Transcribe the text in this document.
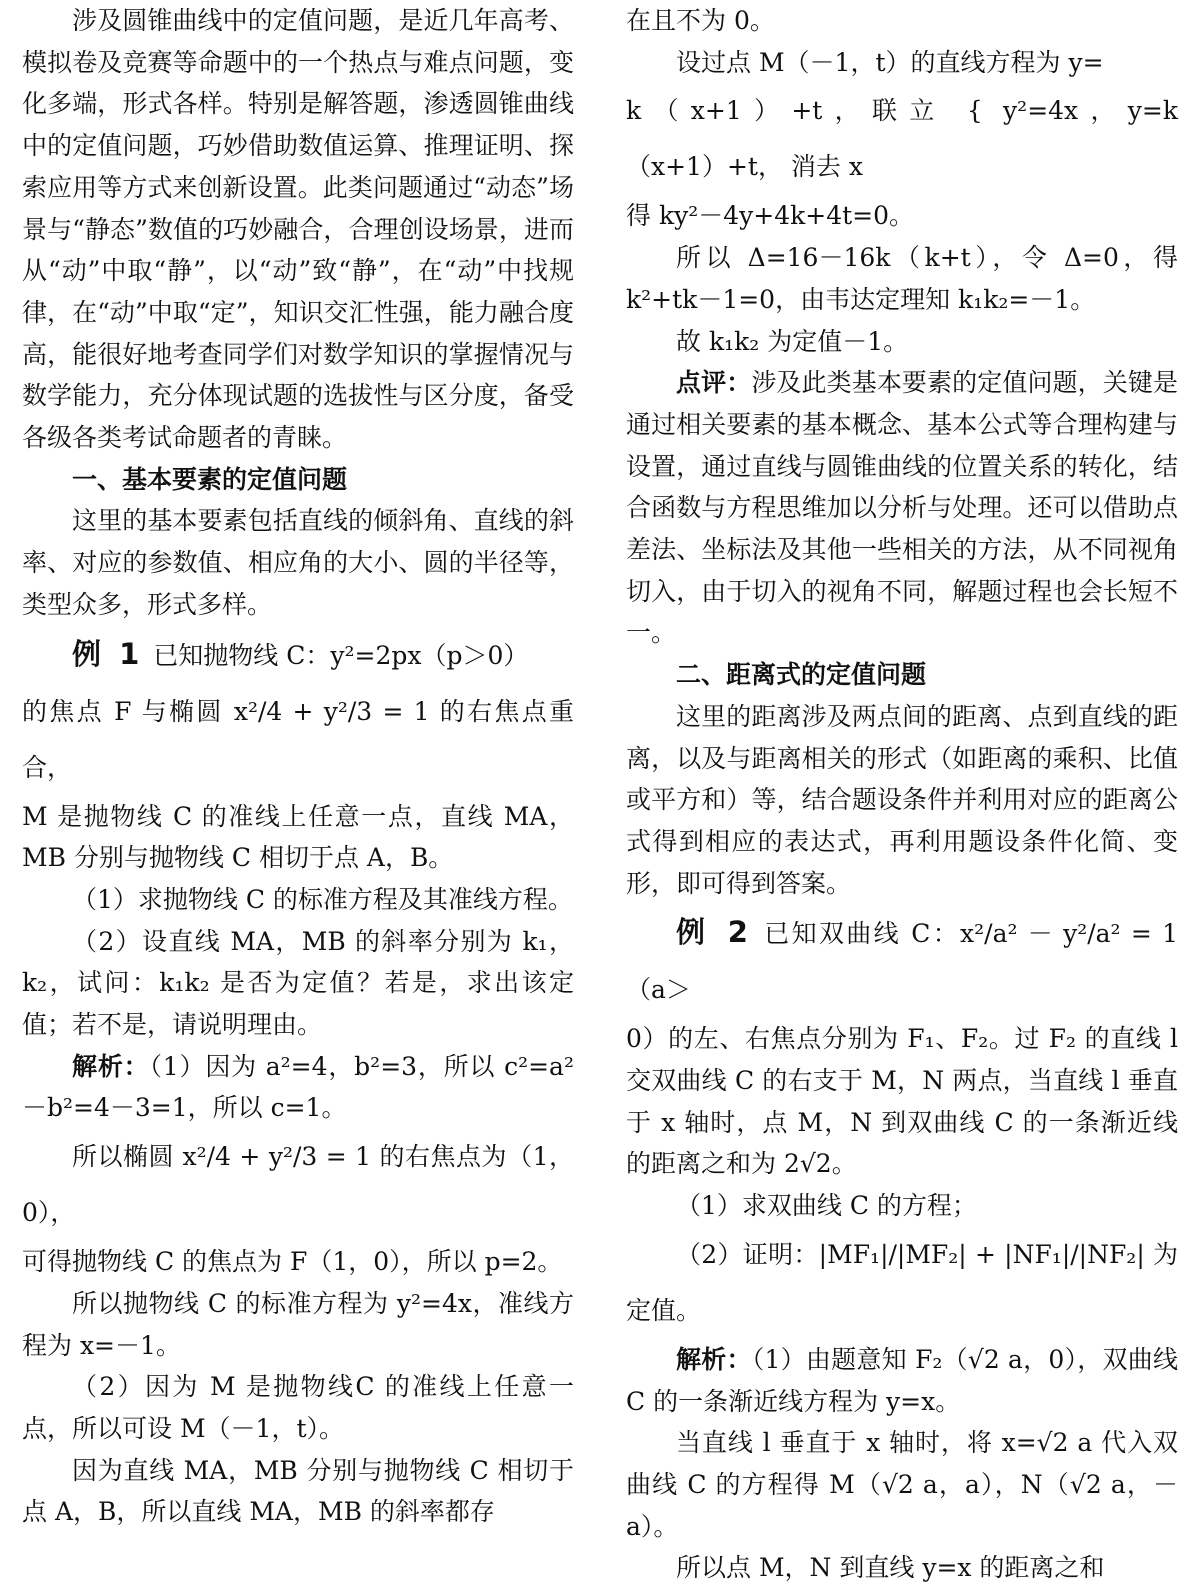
涉及圆锥曲线中的定值问题，是近几年高考、模拟卷及竞赛等命题中的一个热点与难点问题，变化多端，形式各样。特别是解答题，渗透圆锥曲线中的定值问题，巧妙借助数值运算、推理证明、探索应用等方式来创新设置。此类问题通过“动态”场景与“静态”数值的巧妙融合，合理创设场景，进而从“动”中取“静”，以“动”致“静”，在“动”中找规律，在“动”中取“定”，知识交汇性强，能力融合度高，能很好地考查同学们对数学知识的掌握情况与数学能力，充分体现试题的选拔性与区分度，备受各级各类考试命题者的青睐。

一、基本要素的定值问题

这里的基本要素包括直线的倾斜角、直线的斜率、对应的参数值、相应角的大小、圆的半径等，类型众多，形式多样。

例 1 已知抛物线 C：y²=2px（p＞0）

的焦点 F 与椭圆 x²/4 + y²/3 = 1 的右焦点重合，

M 是抛物线 C 的准线上任意一点，直线 MA，MB 分别与抛物线 C 相切于点 A，B。

（1）求抛物线 C 的标准方程及其准线方程。

（2）设直线 MA，MB 的斜率分别为 k₁，k₂，试问：k₁k₂ 是否为定值？若是，求出该定值；若不是，请说明理由。

解析：（1）因为 a²=4，b²=3，所以 c²=a²－b²=4－3=1，所以 c=1。

所以椭圆 x²/4 + y²/3 = 1 的右焦点为（1，0），

可得抛物线 C 的焦点为 F（1，0），所以 p=2。

所以抛物线 C 的标准方程为 y²=4x，准线方程为 x=－1。

（2）因为 M 是抛物线C 的准线上任意一点，所以可设 M（－1，t）。

因为直线 MA，MB 分别与抛物线 C 相切于点 A，B，所以直线 MA，MB 的斜率都存

在且不为 0。

设过点 M（－1，t）的直线方程为 y=

k（x+1）+t，联立 { y²=4x，y=k（x+1）+t， 消去 x

得 ky²－4y+4k+4t=0。

所以 Δ=16－16k（k+t），令 Δ=0，得 k²+tk－1=0，由韦达定理知 k₁k₂=－1。

故 k₁k₂ 为定值－1。

点评：涉及此类基本要素的定值问题，关键是通过相关要素的基本概念、基本公式等合理构建与设置，通过直线与圆锥曲线的位置关系的转化，结合函数与方程思维加以分析与处理。还可以借助点差法、坐标法及其他一些相关的方法，从不同视角切入，由于切入的视角不同，解题过程也会长短不一。

二、距离式的定值问题

这里的距离涉及两点间的距离、点到直线的距离，以及与距离相关的形式（如距离的乘积、比值或平方和）等，结合题设条件并利用对应的距离公式得到相应的表达式，再利用题设条件化简、变形，即可得到答案。

例 2 已知双曲线 C：x²/a² － y²/a² = 1（a＞

0）的左、右焦点分别为 F₁、F₂。过 F₂ 的直线 l 交双曲线 C 的右支于 M，N 两点，当直线 l 垂直于 x 轴时，点 M，N 到双曲线 C 的一条渐近线的距离之和为 2√2。

（1）求双曲线 C 的方程；

（2）证明：|MF₁|/|MF₂| + |NF₁|/|NF₂| 为定值。

解析：（1）由题意知 F₂（√2 a，0），双曲线 C 的一条渐近线方程为 y=x。

当直线 l 垂直于 x 轴时，将 x=√2 a 代入双曲线 C 的方程得 M（√2 a，a），N（√2 a，－a）。

所以点 M，N 到直线 y=x 的距离之和
